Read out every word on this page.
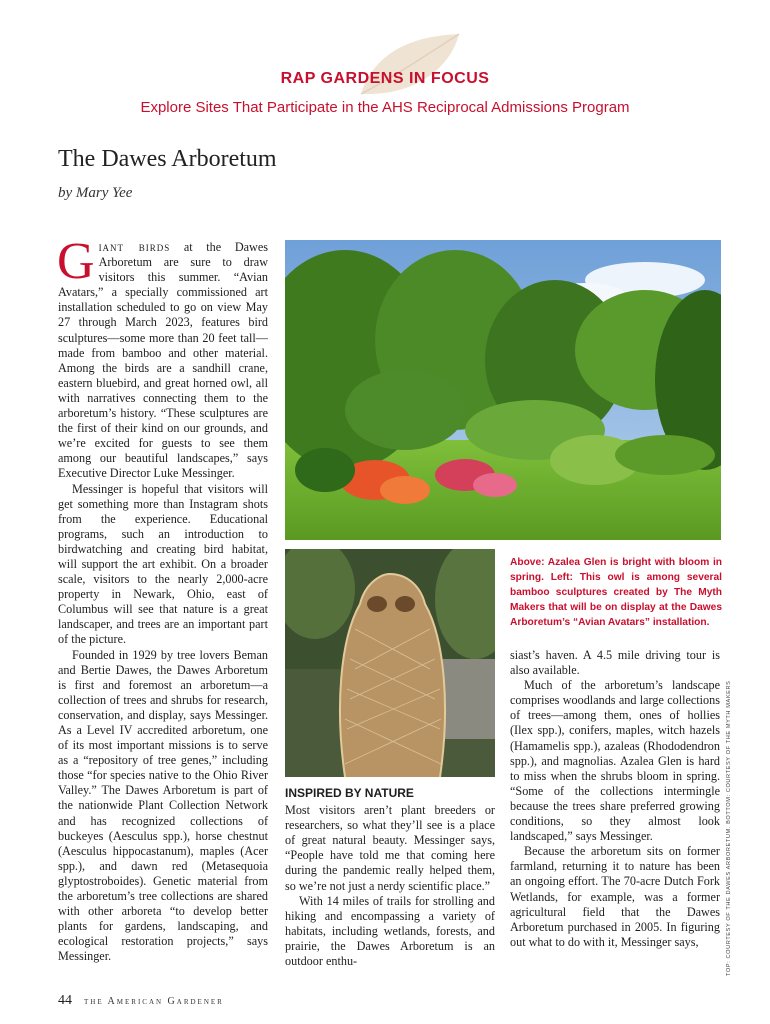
RAP GARDENS IN FOCUS
Explore Sites That Participate in the AHS Reciprocal Admissions Program
The Dawes Arboretum
by Mary Yee

Giant birds at the Dawes Arboretum are sure to draw visitors this summer. “Avian Avatars,” a specially commissioned art installation scheduled to go on view May 27 through March 2023, features bird sculptures—some more than 20 feet tall—made from bamboo and other material. Among the birds are a sandhill crane, eastern bluebird, and great horned owl, all with narratives connecting them to the arboretum’s history. “These sculptures are the first of their kind on our grounds, and we’re excited for guests to see them among our beautiful landscapes,” says Executive Director Luke Messinger.

Messinger is hopeful that visitors will get something more than Instagram shots from the experience. Educational programs, such an introduction to birdwatching and creating bird habitat, will support the art exhibit. On a broader scale, visitors to the nearly 2,000-acre property in Newark, Ohio, east of Columbus will see that nature is a great landscaper, and trees are an important part of the picture.

Founded in 1929 by tree lovers Beman and Bertie Dawes, the Dawes Arboretum is first and foremost an arboretum—a collection of trees and shrubs for research, conservation, and display, says Messinger. As a Level IV accredited arboretum, one of its most important missions is to serve as a “repository of tree genes,” including those “for species native to the Ohio River Valley.” The Dawes Arboretum is part of the nationwide Plant Collection Network and has recognized collections of buckeyes (Aesculus spp.), horse chestnut (Aesculus hippocastanum), maples (Acer spp.), and dawn red (Metasequoia glyptostroboides). Genetic material from the arboretum’s tree collections are shared with other arboreta “to develop better plants for gardens, landscaping, and ecological restoration projects,” says Messinger.

Above: Azalea Glen is bright with bloom in spring. Left: This owl is among several bamboo sculptures created by The Myth Makers that will be on display at the Dawes Arboretum’s “Avian Avatars” installation.
INSPIRED BY NATURE

Most visitors aren’t plant breeders or researchers, so what they’ll see is a place of great natural beauty. Messinger says, “People have told me that coming here during the pandemic really helped them, so we’re not just a nerdy scientific place.”

With 14 miles of trails for strolling and hiking and encompassing a variety of habitats, including wetlands, forests, and prairie, the Dawes Arboretum is an outdoor enthu-

siast’s haven. A 4.5 mile driving tour is also available.

Much of the arboretum’s landscape comprises woodlands and large collections of trees—among them, ones of hollies (Ilex spp.), conifers, maples, witch hazels (Hamamelis spp.), azaleas (Rhododendron spp.), and magnolias. Azalea Glen is hard to miss when the shrubs bloom in spring. “Some of the collections intermingle because the trees share preferred growing conditions, so they almost look landscaped,” says Messinger.

Because the arboretum sits on former farmland, returning it to nature has been an ongoing effort. The 70-acre Dutch Fork Wetlands, for example, was a former agricultural field that the Dawes Arboretum purchased in 2005. In figuring out what to do with it, Messinger says,	TOP: COURTESY OF THE DAWES ARBORETUM. BOTTOM: COURTESY OF THE MYTH MAKERS
44 the American Gardener
